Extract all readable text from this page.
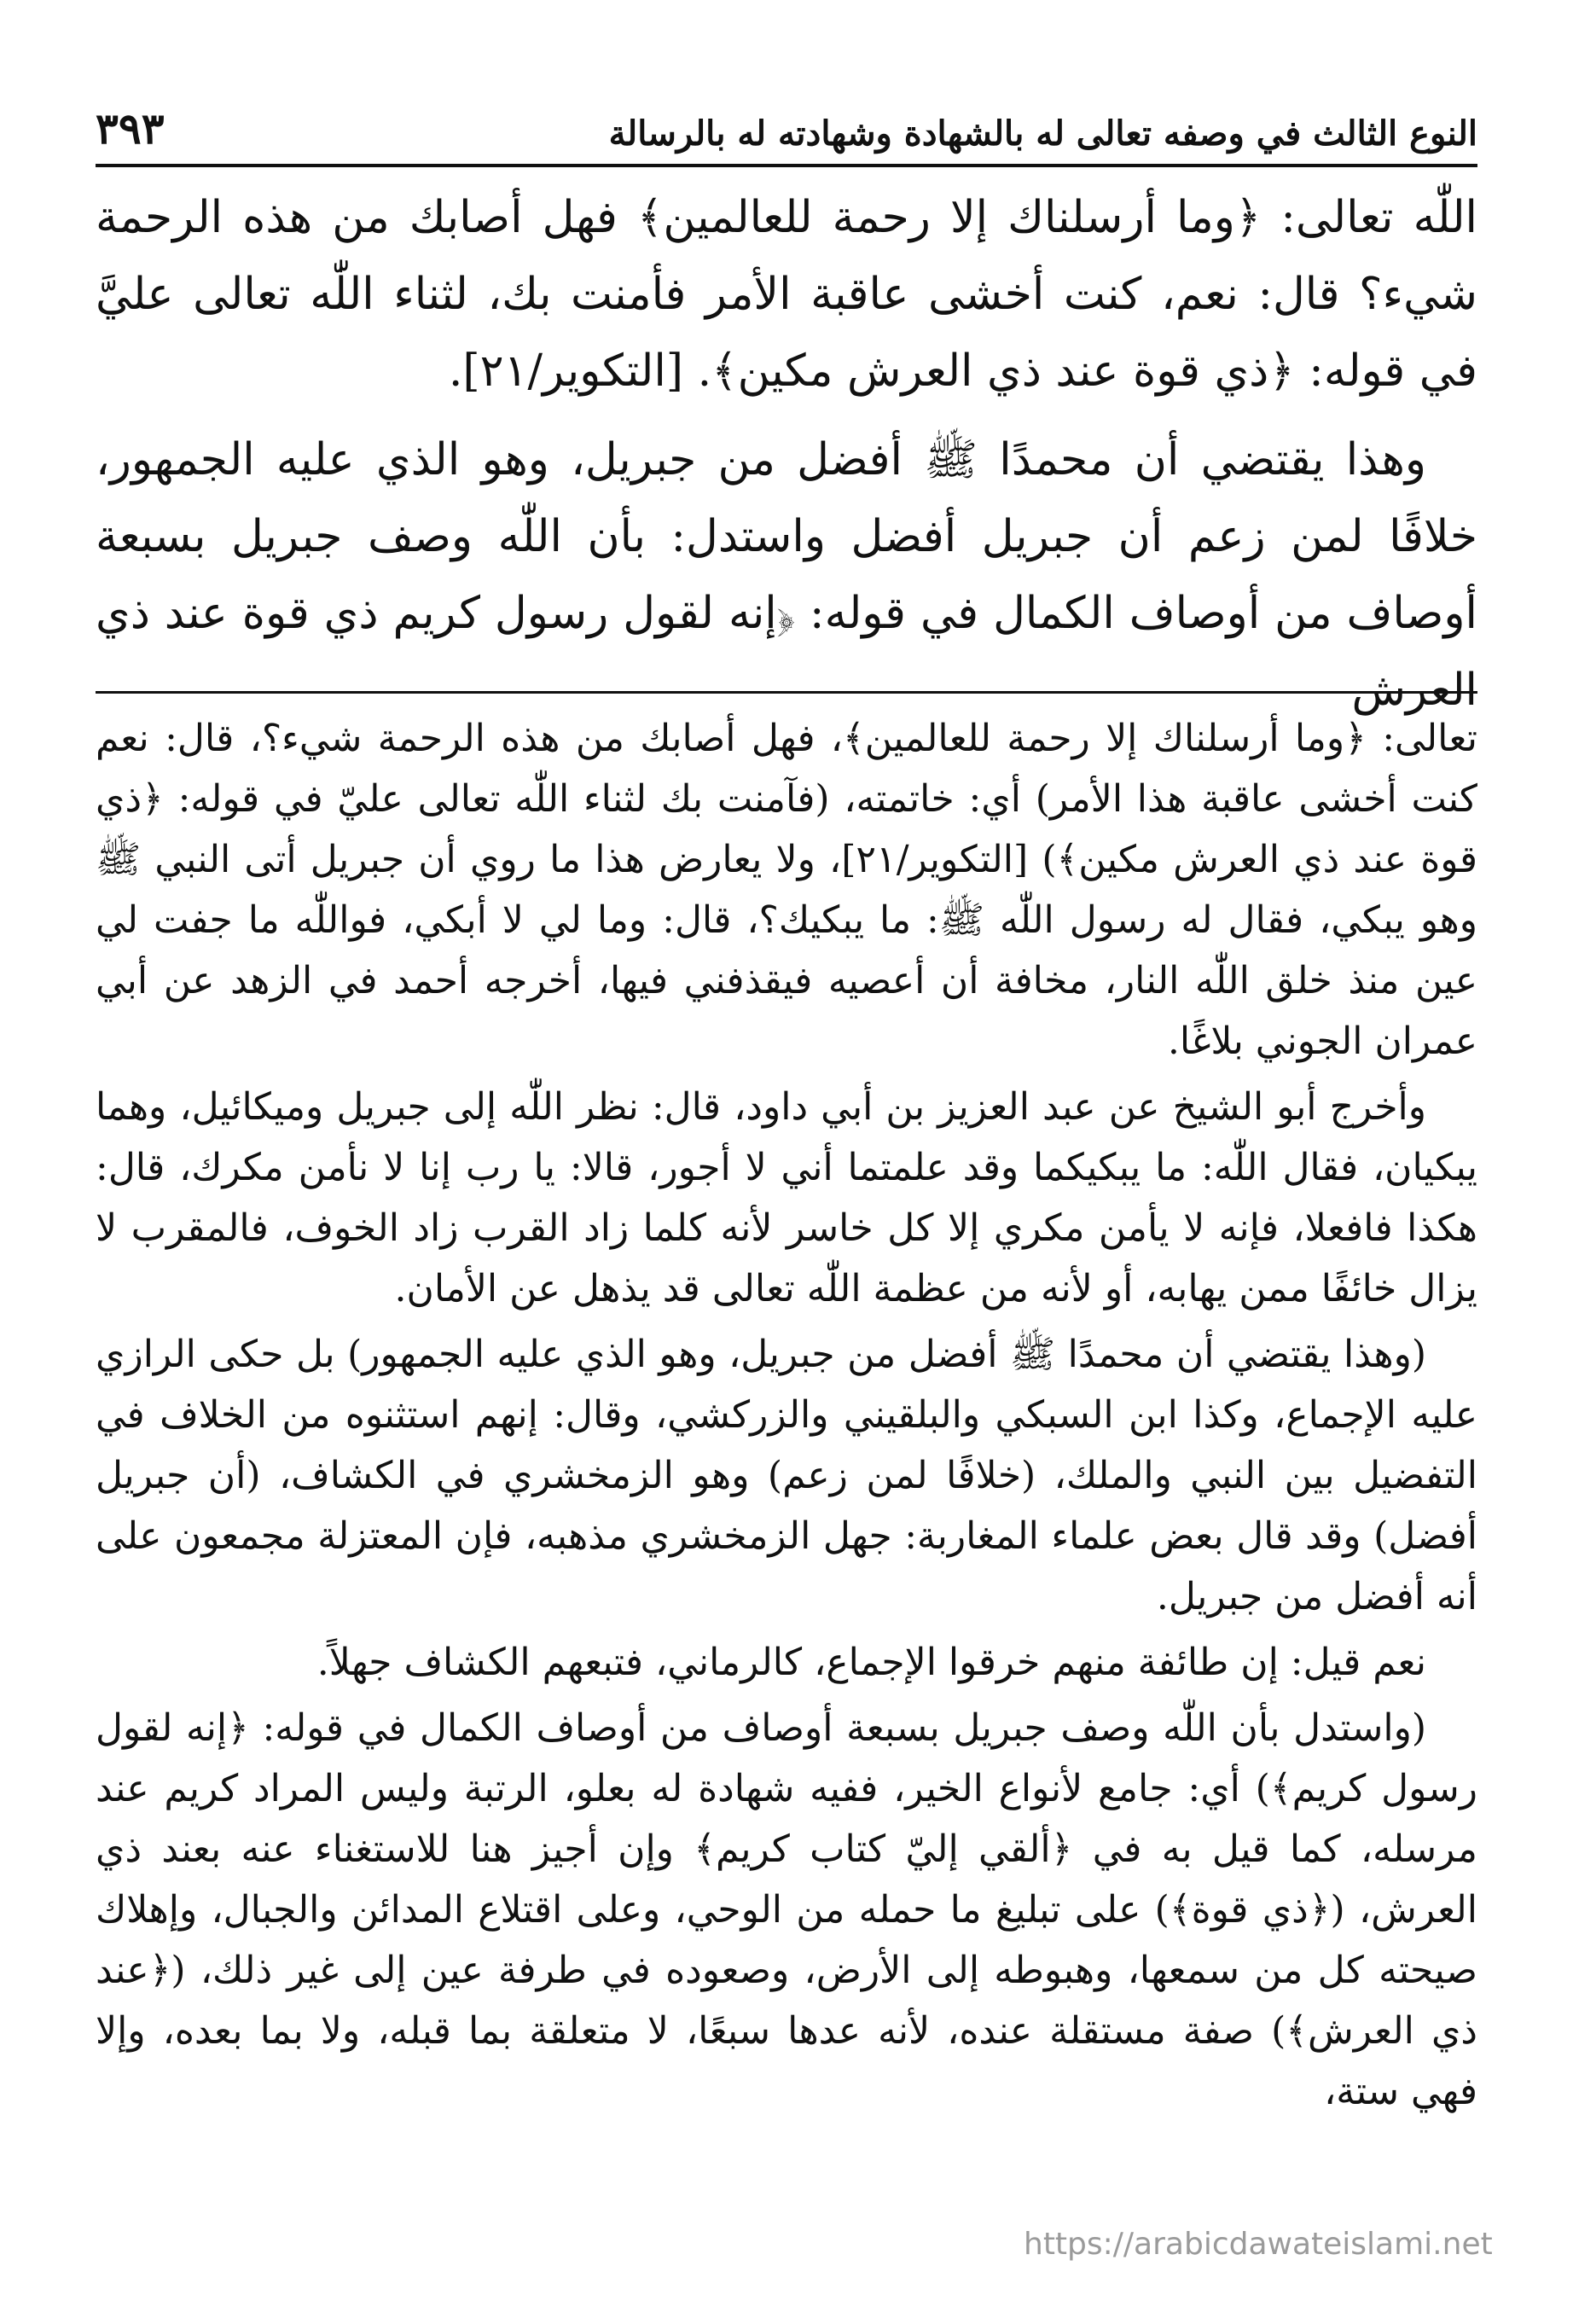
النوع الثالث في وصفه تعالى له بالشهادة وشهادته له بالرسالة
٣٩٣

اللّٰه تعالى: ﴿وما أرسلناك إلا رحمة للعالمين﴾ فهل أصابك من هذه الرحمة شيء؟ قال: نعم، كنت أخشى عاقبة الأمر فأمنت بك، لثناء اللّٰه تعالى عليَّ في قوله: ﴿ذي قوة عند ذي العرش مكين﴾. [التكوير/٢١].

وهذا يقتضي أن محمدًا ﷺ أفضل من جبريل، وهو الذي عليه الجمهور، خلافًا لمن زعم أن جبريل أفضل واستدل: بأن اللّٰه وصف جبريل بسبعة أوصاف من أوصاف الكمال في قوله: ﴿إنه لقول رسول كريم ذي قوة عند ذي العرش

تعالى: ﴿وما أرسلناك إلا رحمة للعالمين﴾، فهل أصابك من هذه الرحمة شيء؟، قال: نعم كنت أخشى عاقبة هذا الأمر) أي: خاتمته، (فآمنت بك لثناء اللّٰه تعالى عليّ في قوله: ﴿ذي قوة عند ذي العرش مكين﴾) [التكوير/٢١]، ولا يعارض هذا ما روي أن جبريل أتى النبي ﷺ وهو يبكي، فقال له رسول اللّٰه ﷺ: ما يبكيك؟، قال: وما لي لا أبكي، فواللّٰه ما جفت لي عين منذ خلق اللّٰه النار، مخافة أن أعصيه فيقذفني فيها، أخرجه أحمد في الزهد عن أبي عمران الجوني بلاغًا.

وأخرج أبو الشيخ عن عبد العزيز بن أبي داود، قال: نظر اللّٰه إلى جبريل وميكائيل، وهما يبكيان، فقال اللّٰه: ما يبكيكما وقد علمتما أني لا أجور، قالا: يا رب إنا لا نأمن مكرك، قال: هكذا فافعلا، فإنه لا يأمن مكري إلا كل خاسر لأنه كلما زاد القرب زاد الخوف، فالمقرب لا يزال خائفًا ممن يهابه، أو لأنه من عظمة اللّٰه تعالى قد يذهل عن الأمان.

(وهذا يقتضي أن محمدًا ﷺ أفضل من جبريل، وهو الذي عليه الجمهور) بل حكى الرازي عليه الإجماع، وكذا ابن السبكي والبلقيني والزركشي، وقال: إنهم استثنوه من الخلاف في التفضيل بين النبي والملك، (خلافًا لمن زعم) وهو الزمخشري في الكشاف، (أن جبريل أفضل) وقد قال بعض علماء المغاربة: جهل الزمخشري مذهبه، فإن المعتزلة مجمعون على أنه أفضل من جبريل.

نعم قيل: إن طائفة منهم خرقوا الإجماع، كالرماني، فتبعهم الكشاف جهلاً.

(واستدل بأن اللّٰه وصف جبريل بسبعة أوصاف من أوصاف الكمال في قوله: ﴿إنه لقول رسول كريم﴾) أي: جامع لأنواع الخير، ففيه شهادة له بعلو، الرتبة وليس المراد كريم عند مرسله، كما قيل به في ﴿ألقي إليّ كتاب كريم﴾ وإن أجيز هنا للاستغناء عنه بعند ذي العرش، (﴿ذي قوة﴾) على تبليغ ما حمله من الوحي، وعلى اقتلاع المدائن والجبال، وإهلاك صيحته كل من سمعها، وهبوطه إلى الأرض، وصعوده في طرفة عين إلى غير ذلك، (﴿عند ذي العرش﴾) صفة مستقلة عنده، لأنه عدها سبعًا، لا متعلقة بما قبله، ولا بما بعده، وإلا فهي ستة،

https://arabicdawateislami.net
